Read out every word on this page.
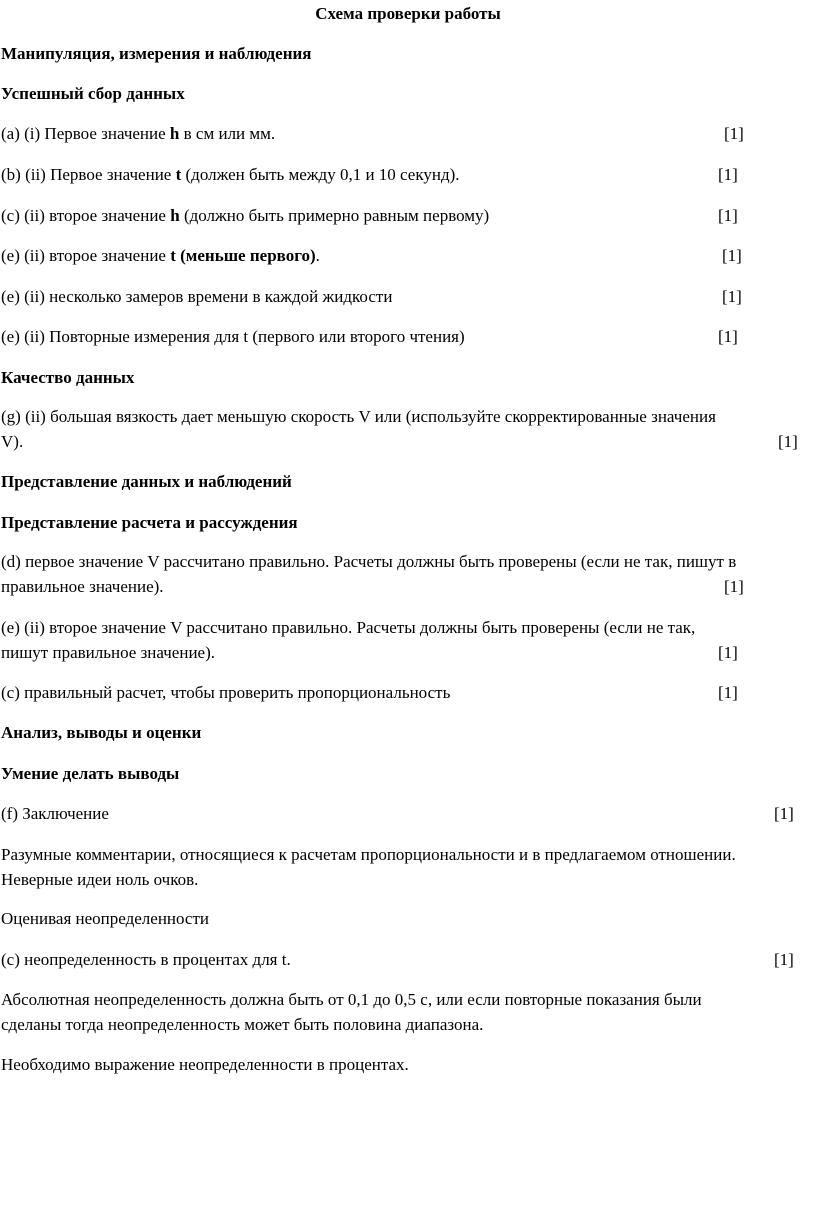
Схема проверки работы
Манипуляция, измерения и наблюдения
Успешный сбор данных
(a) (i) Первое значение h в см или мм.	[1]
(b) (ii) Первое значение t (должен быть между 0,1 и 10 секунд).	[1]
(c) (ii) второе значение h (должно быть примерно равным первому)	[1]
(e) (ii) второе значение t (меньше первого).	[1]
(e) (ii) несколько замеров времени в каждой жидкости	[1]
(e) (ii) Повторные измерения для t (первого или второго чтения)	[1]
Качество данных
(g) (ii) большая вязкость дает меньшую скорость V или (используйте скорректированные значения
V).	[1]
Представление данных и наблюдений
Представление расчета и рассуждения
(d) первое значение V рассчитано правильно. Расчеты должны быть проверены (если не так, пишут в
правильное значение).	[1]
(e) (ii) второе значение V рассчитано правильно. Расчеты должны быть проверены (если не так,
пишут правильное значение).	[1]
(c) правильный расчет, чтобы проверить пропорциональность	[1]
Анализ, выводы и оценки
Умение делать выводы
(f) Заключение	[1]
Разумные комментарии, относящиеся к расчетам пропорциональности и в предлагаемом отношении.
Неверные идеи ноль очков.
Оценивая неопределенности
(c) неопределенность в процентах для t.	[1]
Абсолютная неопределенность должна быть от 0,1 до 0,5 с, или если повторные показания были
сделаны тогда неопределенность может быть половина диапазона.
Необходимо выражение неопределенности в процентах.
